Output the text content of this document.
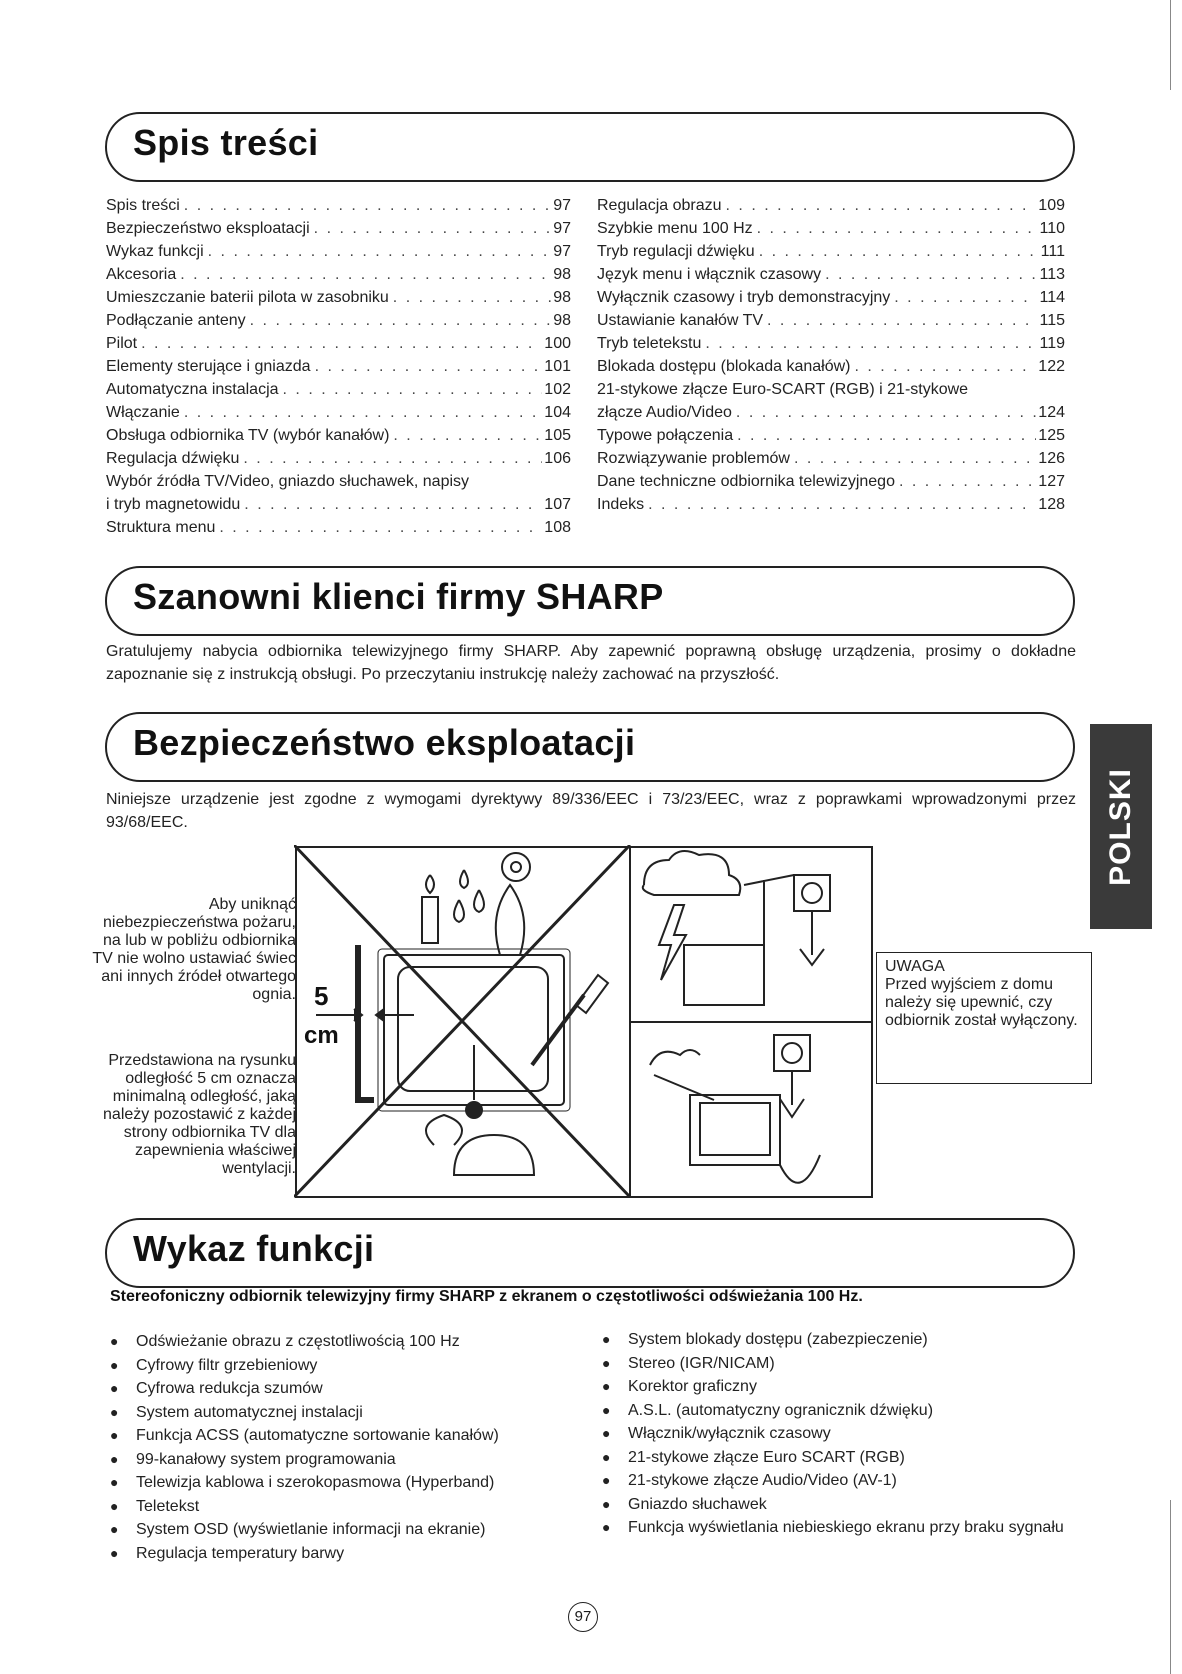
Spis treści
Spis treści . . .	97
Bezpieczeństwo eksploatacji . . .	97
Wykaz funkcji . . .	97
Akcesoria . . .	98
Umieszczanie baterii pilota w zasobniku . . .	98
Podłączanie anteny . . .	98
Pilot . . .	100
Elementy sterujące i gniazda . . .	101
Automatyczna instalacja . . .	102
Włączanie . . .	104
Obsługa odbiornika TV (wybór kanałów) . . .	105
Regulacja dźwięku . . .	106
Wybór źródła TV/Video, gniazdo słuchawek, napisy
i tryb magnetowidu . . .	107
Struktura menu . . .	108
Regulacja obrazu . . .	109
Szybkie menu 100 Hz . . .	110
Tryb regulacji dźwięku . . .	111
Język menu i włącznik czasowy . . .	113
Wyłącznik czasowy i tryb demonstracyjny . . .	114
Ustawianie kanałów TV . . .	115
Tryb teletekstu . . .	119
Blokada dostępu (blokada kanałów) . . .	122
21-stykowe złącze Euro-SCART (RGB) i 21-stykowe
złącze Audio/Video . . .	124
Typowe połączenia . . .	125
Rozwiązywanie problemów . . .	126
Dane techniczne odbiornika telewizyjnego . . .	127
Indeks . . .	128
Szanowni klienci firmy SHARP
Gratulujemy nabycia odbiornika telewizyjnego firmy SHARP. Aby zapewnić poprawną obsługę urządzenia, prosimy o dokładne zapoznanie się z instrukcją obsługi. Po przeczytaniu instrukcję należy zachować na przyszłość.
Bezpieczeństwo eksploatacji
Niniejsze urządzenie jest zgodne z wymogami dyrektywy 89/336/EEC i 73/23/EEC, wraz z poprawkami wprowadzonymi przez 93/68/EEC.	POLSKI
Aby uniknąć niebezpieczeństwa pożaru, na lub w pobliżu odbiornika TV nie wolno ustawiać świec ani innych źródeł otwartego ognia.
Przedstawiona na rysunku odległość 5 cm oznacza minimalną odległość, jaką należy pozostawić z każdej strony odbiornika TV dla zapewnienia właściwej wentylacji.
5
cm
UWAGA
Przed wyjściem z domu należy się upewnić, czy odbiornik został wyłączony.
Wykaz funkcji
Stereofoniczny odbiornik telewizyjny firmy SHARP z ekranem o częstotliwości odświeżania 100 Hz.
● Odświeżanie obrazu z częstotliwością 100 Hz
● Cyfrowy filtr grzebieniowy
● Cyfrowa redukcja szumów
● System automatycznej instalacji
● Funkcja ACSS (automatyczne sortowanie kanałów)
● 99-kanałowy system programowania
● Telewizja kablowa i szerokopasmowa (Hyperband)
● Teletekst
● System OSD (wyświetlanie informacji na ekranie)
● Regulacja temperatury barwy
● System blokady dostępu (zabezpieczenie)
● Stereo (IGR/NICAM)
● Korektor graficzny
● A.S.L. (automatyczny ogranicznik dźwięku)
● Włącznik/wyłącznik czasowy
● 21-stykowe złącze Euro SCART (RGB)
● 21-stykowe złącze Audio/Video (AV-1)
● Gniazdo słuchawek
● Funkcja wyświetlania niebieskiego ekranu przy braku sygnału
97
